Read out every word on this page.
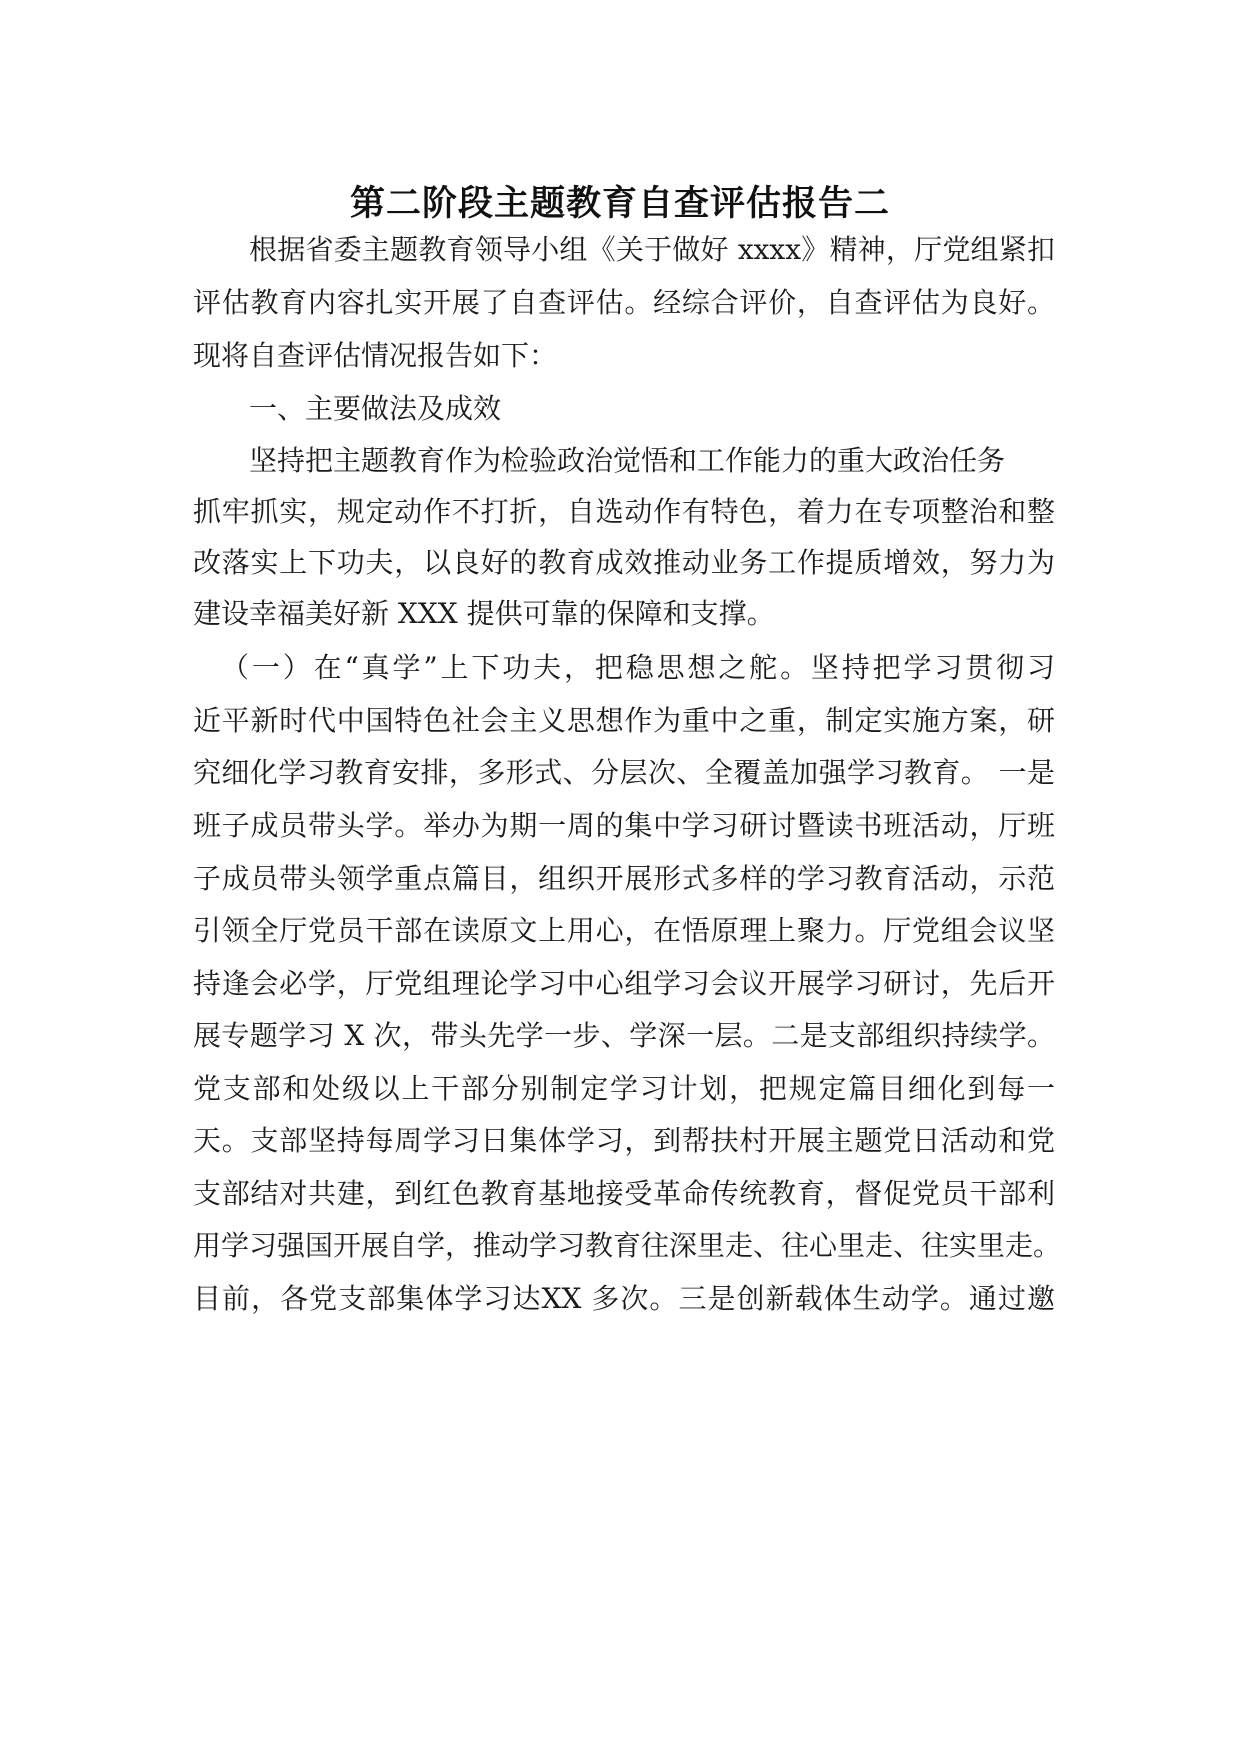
第二阶段主题教育自查评估报告二
根据省委主题教育领导小组《关于做好 xxxx》精神，厅党组紧扣
评估教育内容扎实开展了自查评估。经综合评价，自查评估为良好。
现将自查评估情况报告如下：
一、主要做法及成效
坚持把主题教育作为检验政治觉悟和工作能力的重大政治任务
抓牢抓实，规定动作不打折，自选动作有特色，着力在专项整治和整
改落实上下功夫，以良好的教育成效推动业务工作提质增效，努力为
建设幸福美好新 XXX 提供可靠的保障和支撑。
（一）在“真学”上下功夫，把稳思想之舵。坚持把学习贯彻习
近平新时代中国特色社会主义思想作为重中之重，制定实施方案，研
究细化学习教育安排，多形式、分层次、全覆盖加强学习教育。 一是
班子成员带头学。举办为期一周的集中学习研讨暨读书班活动，厅班
子成员带头领学重点篇目，组织开展形式多样的学习教育活动，示范
引领全厅党员干部在读原文上用心，在悟原理上聚力。厅党组会议坚
持逢会必学，厅党组理论学习中心组学习会议开展学习研讨，先后开
展专题学习 X 次，带头先学一步、学深一层。二是支部组织持续学。
党支部和处级以上干部分别制定学习计划，把规定篇目细化到每一
天。支部坚持每周学习日集体学习，到帮扶村开展主题党日活动和党
支部结对共建，到红色教育基地接受革命传统教育，督促党员干部利
用学习强国开展自学，推动学习教育往深里走、往心里走、往实里走。
目前，各党支部集体学习达XX 多次。三是创新载体生动学。通过邀
